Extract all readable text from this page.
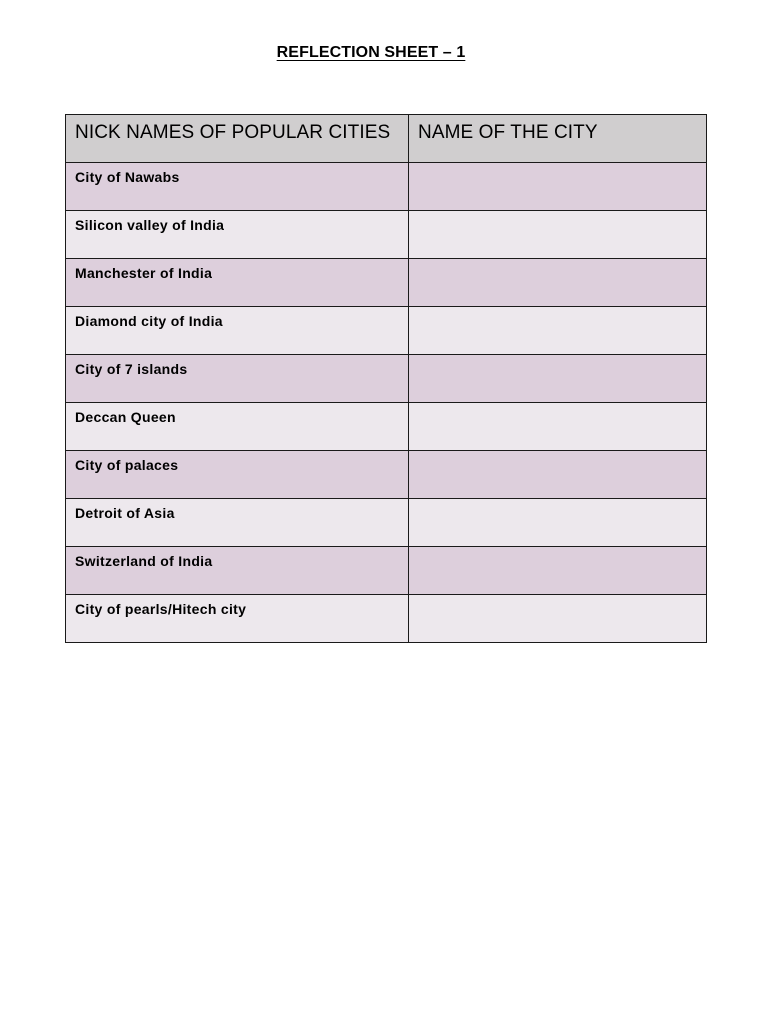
REFLECTION SHEET – 1
NICK NAMES OF POPULAR CITIES	NAME OF THE CITY
City of Nawabs	
Silicon valley of India	
Manchester of India	
Diamond city of India	
City of 7 islands	
Deccan Queen	
City of palaces	
Detroit of Asia	
Switzerland of India	
City of pearls/Hitech city	
